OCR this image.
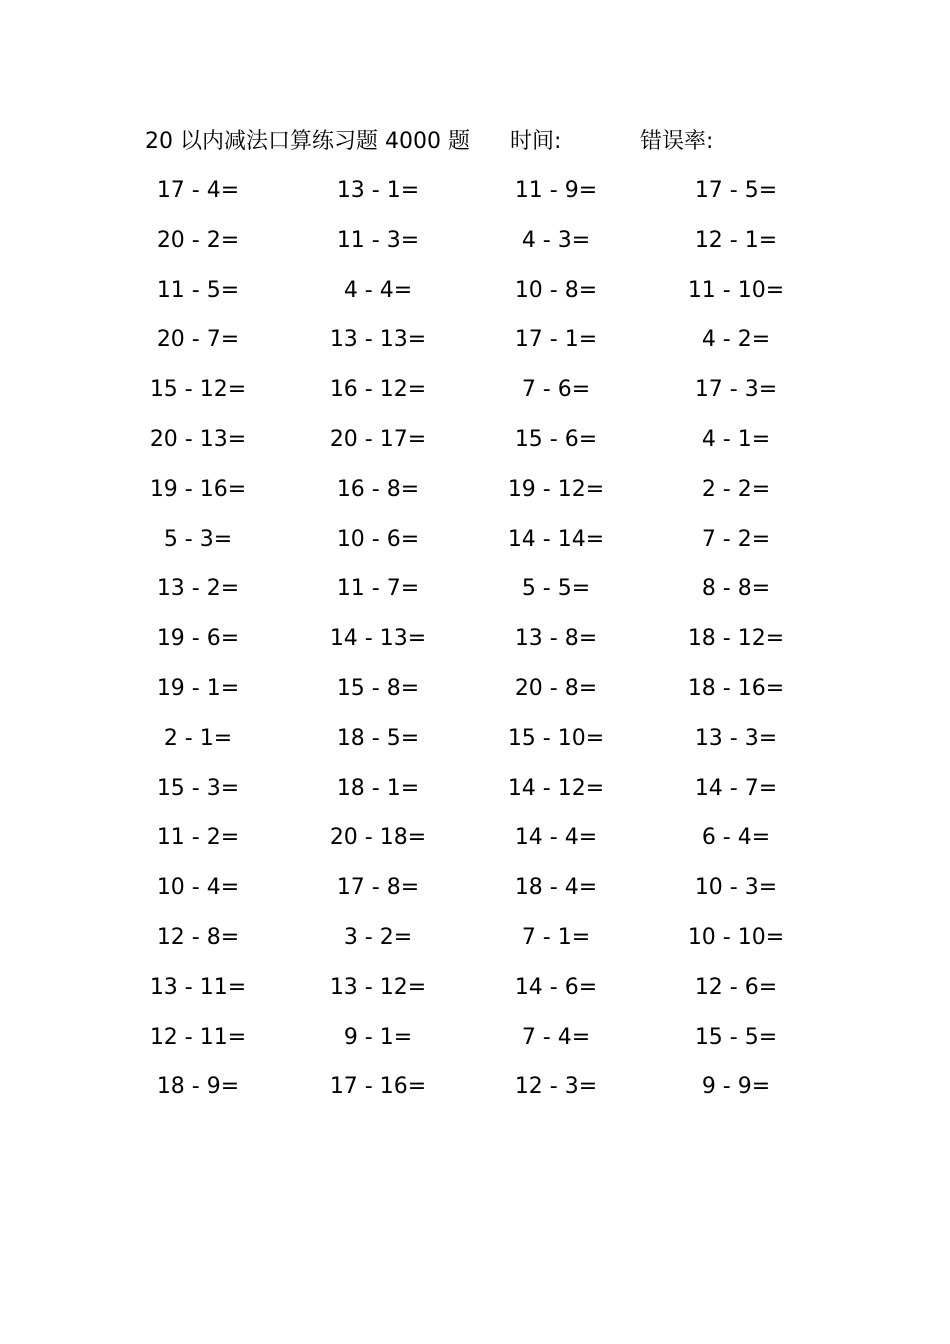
20 以内减法口算练习题 4000 题 时间:	错误率:
17 - 4=	13 - 1=	11 - 9=	17 - 5=
20 - 2=	11 - 3=	4 - 3=	12 - 1=
11 - 5=	4 - 4=	10 - 8=	11 - 10=
20 - 7=	13 - 13=	17 - 1=	4 - 2=
15 - 12=	16 - 12=	7 - 6=	17 - 3=
20 - 13=	20 - 17=	15 - 6=	4 - 1=
19 - 16=	16 - 8=	19 - 12=	2 - 2=
5 - 3=	10 - 6=	14 - 14=	7 - 2=
13 - 2=	11 - 7=	5 - 5=	8 - 8=
19 - 6=	14 - 13=	13 - 8=	18 - 12=
19 - 1=	15 - 8=	20 - 8=	18 - 16=
2 - 1=	18 - 5=	15 - 10=	13 - 3=
15 - 3=	18 - 1=	14 - 12=	14 - 7=
11 - 2=	20 - 18=	14 - 4=	6 - 4=
10 - 4=	17 - 8=	18 - 4=	10 - 3=
12 - 8=	3 - 2=	7 - 1=	10 - 10=
13 - 11=	13 - 12=	14 - 6=	12 - 6=
12 - 11=	9 - 1=	7 - 4=	15 - 5=
18 - 9=	17 - 16=	12 - 3=	9 - 9=
